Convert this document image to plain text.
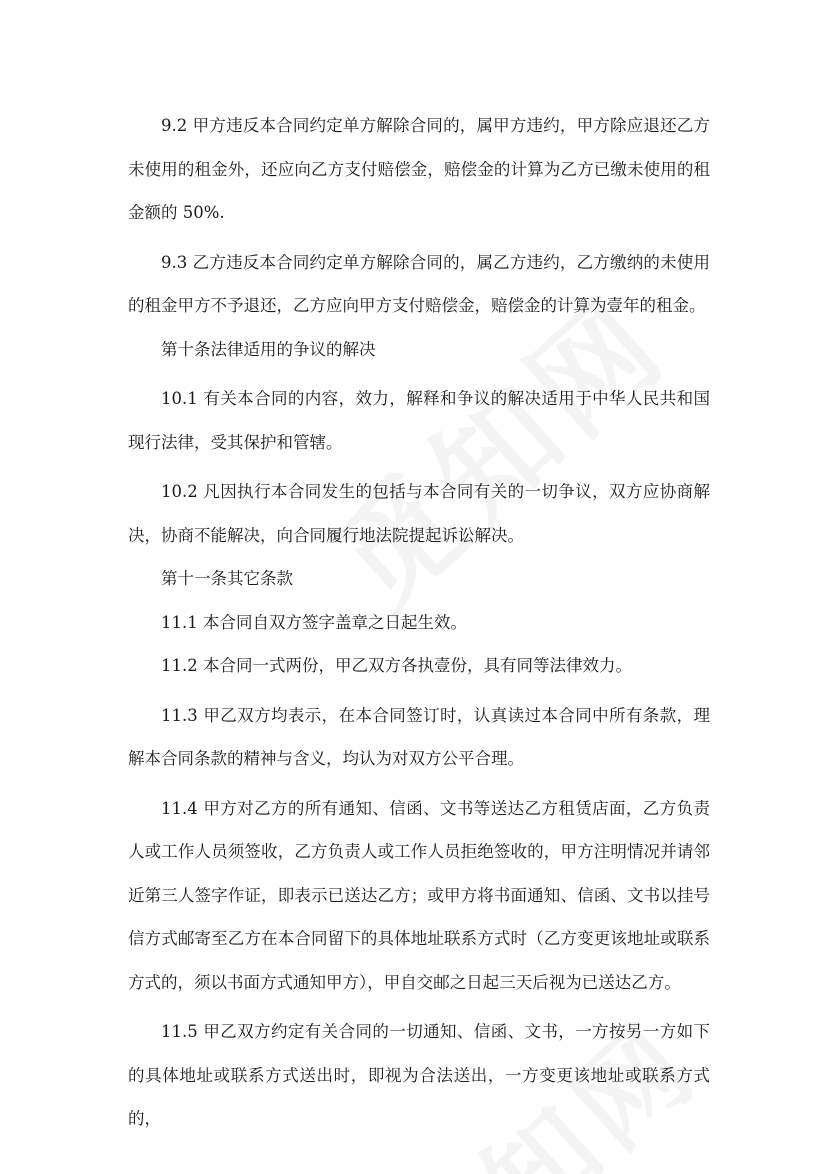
9.2 甲方违反本合同约定单方解除合同的，属甲方违约，甲方除应退还乙方未使用的租金外，还应向乙方支付赔偿金，赔偿金的计算为乙方已缴未使用的租金额的 50%.

9.3 乙方违反本合同约定单方解除合同的，属乙方违约，乙方缴纳的未使用的租金甲方不予退还，乙方应向甲方支付赔偿金，赔偿金的计算为壹年的租金。

第十条法律适用的争议的解决

10.1 有关本合同的内容，效力，解释和争议的解决适用于中华人民共和国现行法律，受其保护和管辖。

10.2 凡因执行本合同发生的包括与本合同有关的一切争议，双方应协商解决，协商不能解决，向合同履行地法院提起诉讼解决。

第十一条其它条款

11.1 本合同自双方签字盖章之日起生效。

11.2 本合同一式两份，甲乙双方各执壹份，具有同等法律效力。

11.3 甲乙双方均表示，在本合同签订时，认真读过本合同中所有条款，理解本合同条款的精神与含义，均认为对双方公平合理。

11.4 甲方对乙方的所有通知、信函、文书等送达乙方租赁店面，乙方负责人或工作人员须签收，乙方负责人或工作人员拒绝签收的，甲方注明情况并请邻近第三人签字作证，即表示已送达乙方；或甲方将书面通知、信函、文书以挂号信方式邮寄至乙方在本合同留下的具体地址联系方式时（乙方变更该地址或联系方式的，须以书面方式通知甲方），甲自交邮之日起三天后视为已送达乙方。

11.5 甲乙双方约定有关合同的一切通知、信函、文书，一方按另一方如下的具体地址或联系方式送出时，即视为合法送出，一方变更该地址或联系方式的，
